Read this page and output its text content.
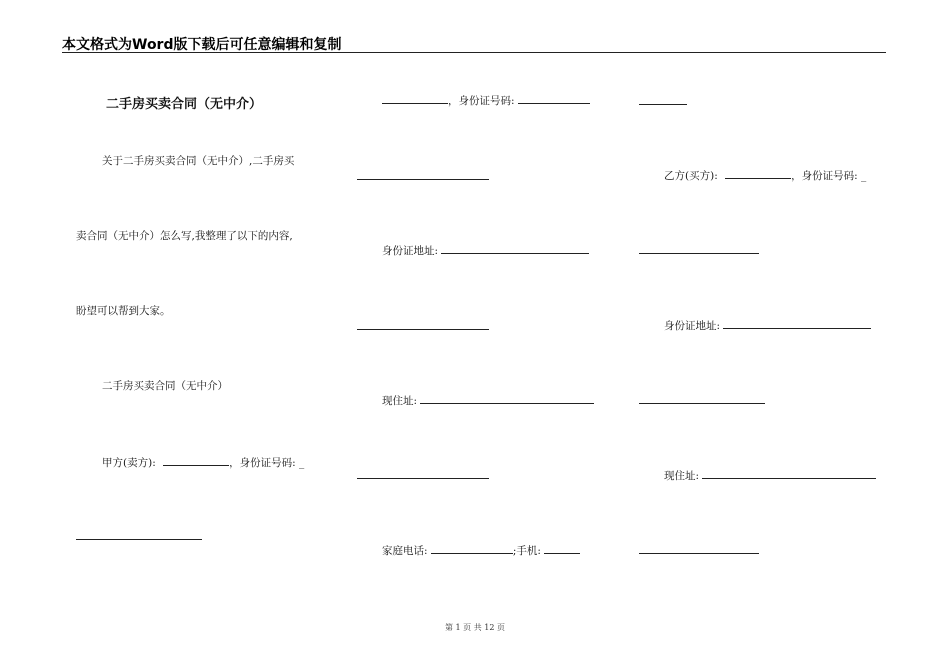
本文格式为Word版下载后可任意编辑和复制
二手房买卖合同（无中介）
关于二手房买卖合同（无中介）,二手房买
卖合同（无中介）怎么写,我整理了以下的内容,
盼望可以帮到大家。
二手房买卖合同（无中介）
甲方(卖方):	，身份证号码: _
，身份证号码:
身份证地址:
现住址:
家庭电话:	;手机:
乙方(买方):	，身份证号码: _
身份证地址:
现住址:
第 1 页 共 12 页
